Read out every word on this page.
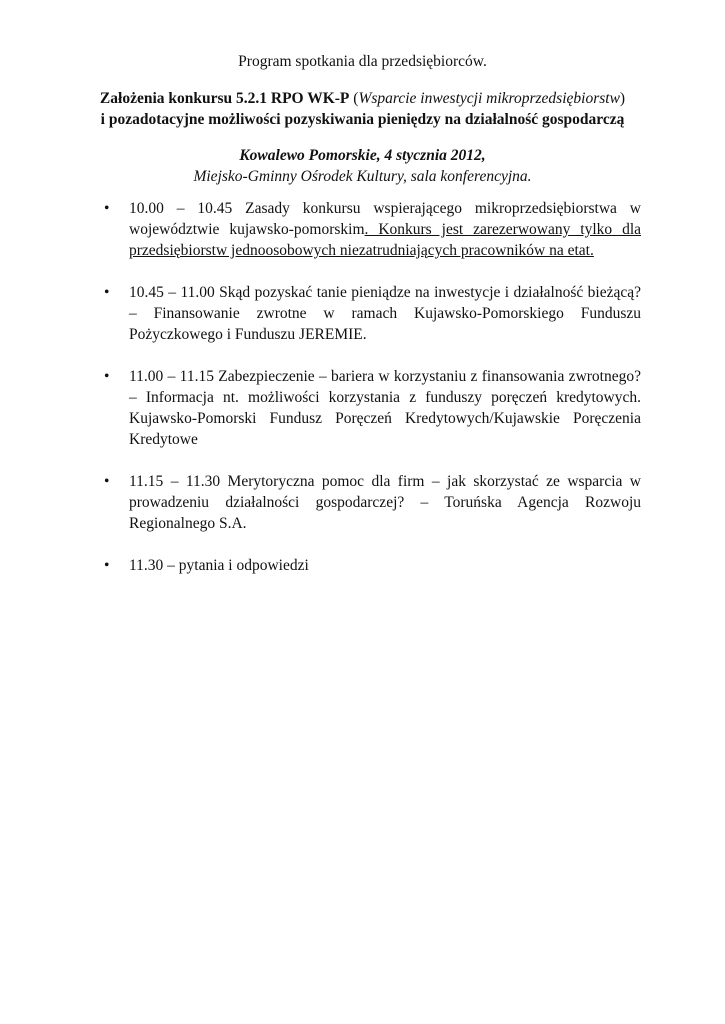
Program spotkania dla przedsiębiorców.

Założenia konkursu 5.2.1 RPO WK-P (Wsparcie inwestycji mikroprzedsiębiorstw)
i pozadotacyjne możliwości pozyskiwania pieniędzy na działalność gospodarczą

Kowalewo Pomorskie, 4 stycznia 2012,
Miejsko-Gminny Ośrodek Kultury, sala konferencyjna.

•	10.00 – 10.45 Zasady konkursu wspierającego mikroprzedsiębiorstwa w województwie kujawsko-pomorskim. Konkurs jest zarezerwowany tylko dla przedsiębiorstw jednoosobowych niezatrudniających pracowników na etat.
•	10.45 – 11.00 Skąd pozyskać tanie pieniądze na inwestycje i działalność bieżącą? – Finansowanie zwrotne w ramach Kujawsko-Pomorskiego Funduszu Pożyczkowego i Funduszu JEREMIE.
•	11.00 – 11.15 Zabezpieczenie – bariera w korzystaniu z finansowania zwrotnego? – Informacja nt. możliwości korzystania z funduszy poręczeń kredytowych. Kujawsko-Pomorski Fundusz Poręczeń Kredytowych/Kujawskie Poręczenia Kredytowe
•	11.15 – 11.30 Merytoryczna pomoc dla firm – jak skorzystać ze wsparcia w prowadzeniu działalności gospodarczej? – Toruńska Agencja Rozwoju Regionalnego S.A.
•	11.30 – pytania i odpowiedzi
